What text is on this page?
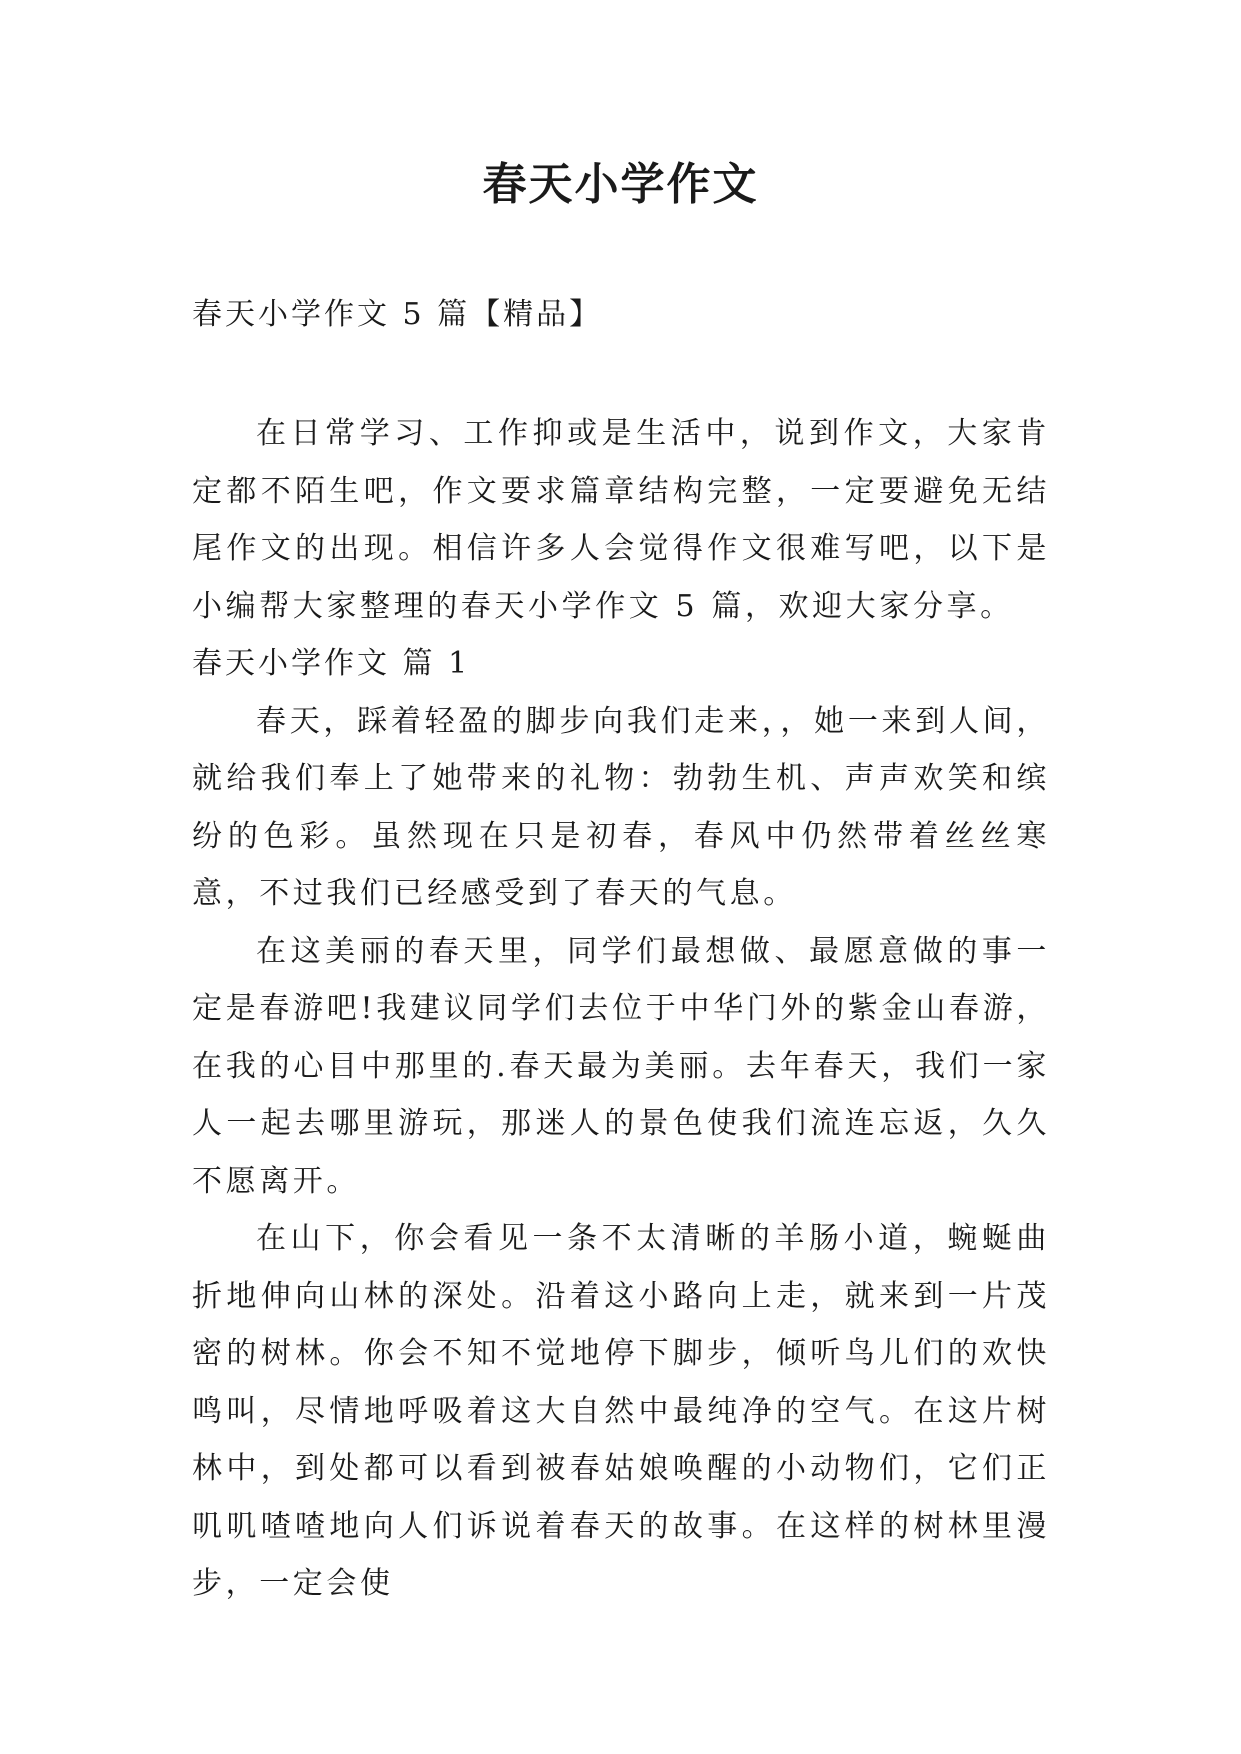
春天小学作文

春天小学作文 5 篇【精品】

在日常学习、工作抑或是生活中，说到作文，大家肯定都不陌生吧，作文要求篇章结构完整，一定要避免无结尾作文的出现。相信许多人会觉得作文很难写吧，以下是小编帮大家整理的春天小学作文 5 篇，欢迎大家分享。

春天小学作文 篇 1

春天，踩着轻盈的脚步向我们走来，，她一来到人间，就给我们奉上了她带来的礼物：勃勃生机、声声欢笑和缤纷的色彩。虽然现在只是初春，春风中仍然带着丝丝寒意，不过我们已经感受到了春天的气息。

在这美丽的春天里，同学们最想做、最愿意做的事一定是春游吧!我建议同学们去位于中华门外的紫金山春游，在我的心目中那里的.春天最为美丽。去年春天，我们一家人一起去哪里游玩，那迷人的景色使我们流连忘返，久久不愿离开。

在山下，你会看见一条不太清晰的羊肠小道，蜿蜒曲折地伸向山林的深处。沿着这小路向上走，就来到一片茂密的树林。你会不知不觉地停下脚步，倾听鸟儿们的欢快鸣叫，尽情地呼吸着这大自然中最纯净的空气。在这片树林中，到处都可以看到被春姑娘唤醒的小动物们，它们正叽叽喳喳地向人们诉说着春天的故事。在这样的树林里漫步，一定会使
